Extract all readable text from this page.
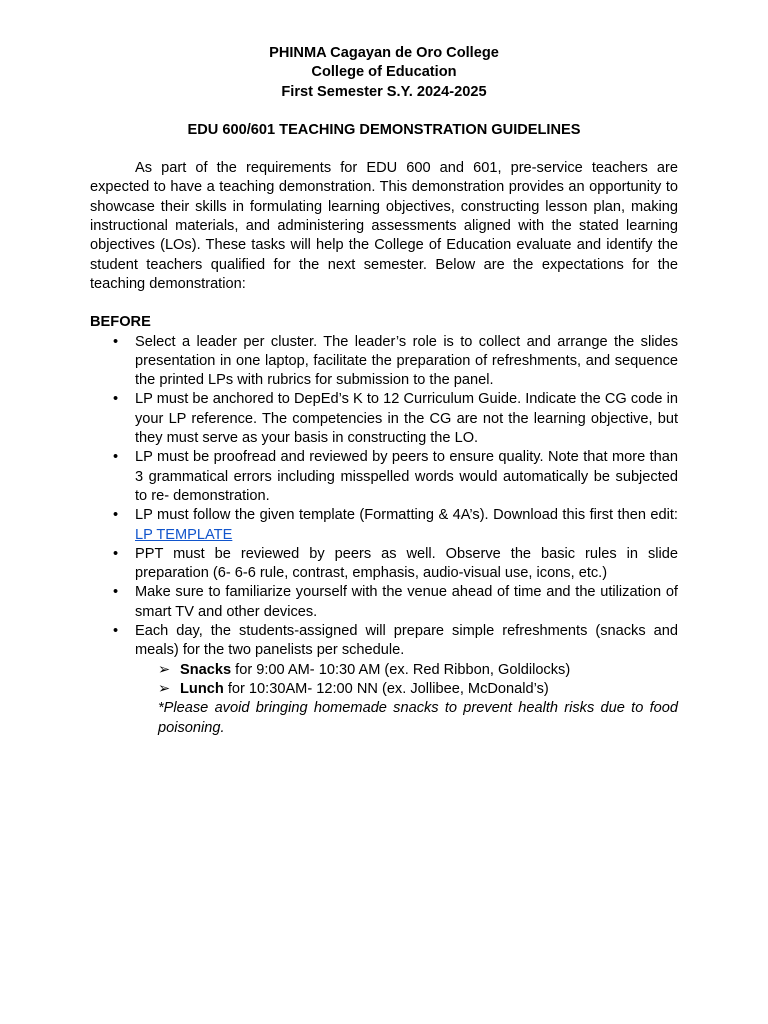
PHINMA Cagayan de Oro College
College of Education
First Semester S.Y. 2024-2025
EDU 600/601 TEACHING DEMONSTRATION GUIDELINES

As part of the requirements for EDU 600 and 601, pre-service teachers are expected to have a teaching demonstration. This demonstration provides an opportunity to showcase their skills in formulating learning objectives, constructing lesson plan, making instructional materials, and administering assessments aligned with the stated learning objectives (LOs). These tasks will help the College of Education evaluate and identify the student teachers qualified for the next semester. Below are the expectations for the teaching demonstration:

BEFORE
• Select a leader per cluster. The leader’s role is to collect and arrange the slides presentation in one laptop, facilitate the preparation of refreshments, and sequence the printed LPs with rubrics for submission to the panel.
• LP must be anchored to DepEd’s K to 12 Curriculum Guide. Indicate the CG code in your LP reference. The competencies in the CG are not the learning objective, but they must serve as your basis in constructing the LO.
• LP must be proofread and reviewed by peers to ensure quality. Note that more than 3 grammatical errors including misspelled words would automatically be subjected to re- demonstration.
• LP must follow the given template (Formatting & 4A’s). Download this first then edit: LP TEMPLATE
• PPT must be reviewed by peers as well. Observe the basic rules in slide preparation (6- 6-6 rule, contrast, emphasis, audio-visual use, icons, etc.)
• Make sure to familiarize yourself with the venue ahead of time and the utilization of smart TV and other devices.
• Each day, the students-assigned will prepare simple refreshments (snacks and meals) for the two panelists per schedule.
➢ Snacks for 9:00 AM- 10:30 AM (ex. Red Ribbon, Goldilocks)
➢ Lunch for 10:30AM- 12:00 NN (ex. Jollibee, McDonald’s)
*Please avoid bringing homemade snacks to prevent health risks due to food poisoning.
